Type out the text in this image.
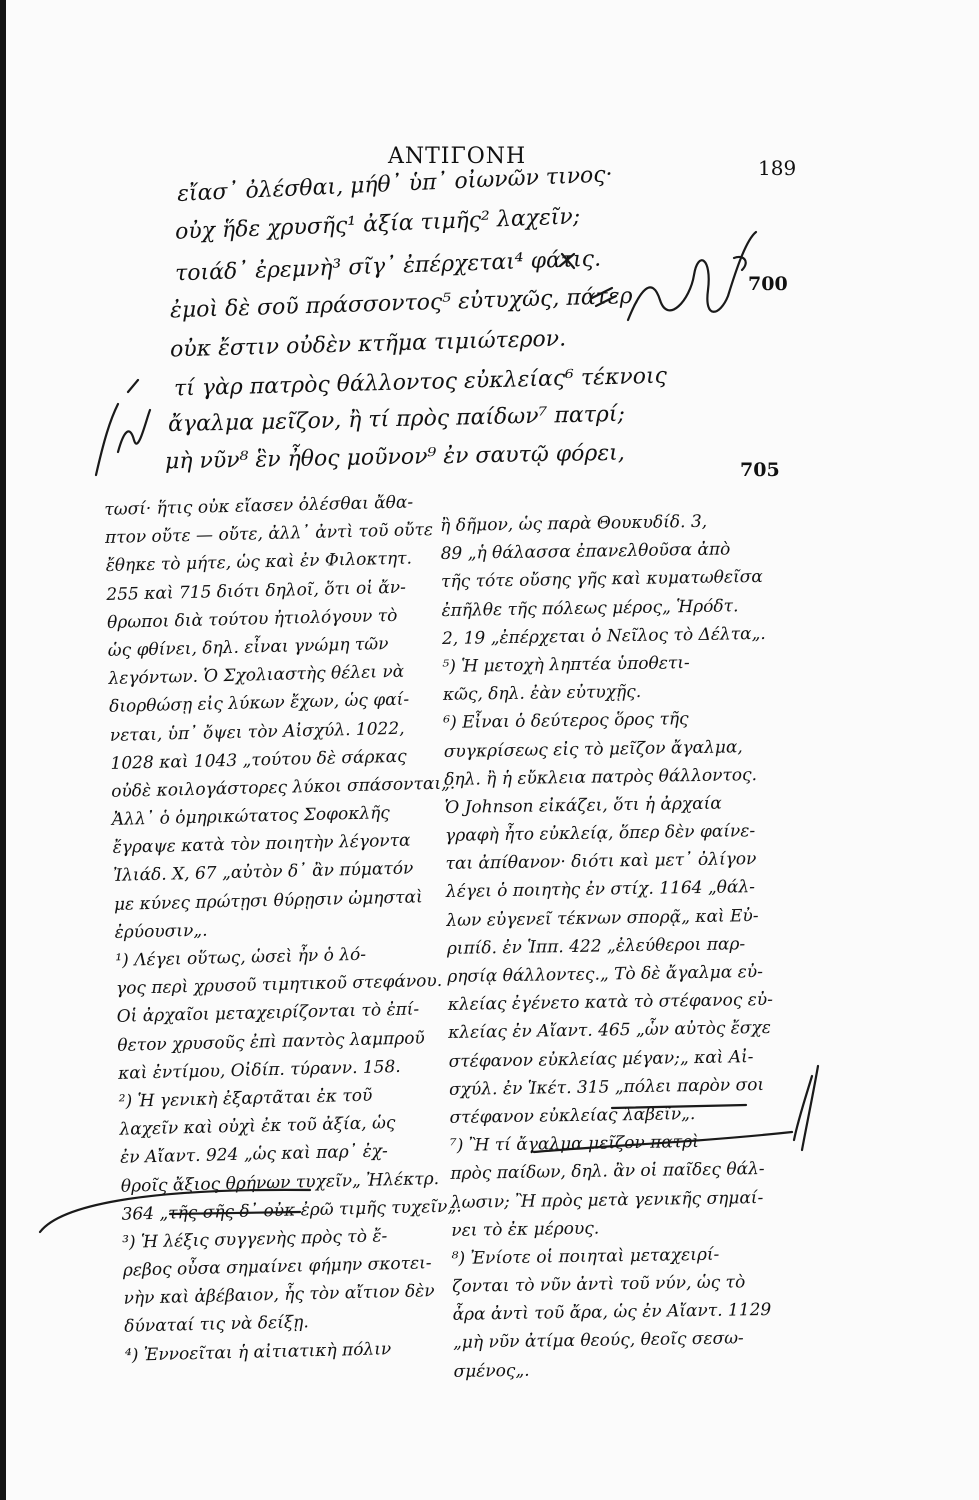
ΑΝΤΙΓΟΝΗ	189
εἴασ᾽ ὀλέσθαι, μήθ᾽ ὑπ᾽ οἰωνῶν τινος·
οὐχ ἥδε χρυσῆς¹ ἀξία τιμῆς² λαχεῖν;
τοιάδ᾽ ἐρεμνὴ³ σῖγ᾽ ἐπέρχεται⁴ φάτις.
ἐμοὶ δὲ σοῦ πράσσοντος⁵ εὐτυχῶς, πάτερ,	700
οὐκ ἔστιν οὐδὲν κτῆμα τιμιώτερον.
τί γὰρ πατρὸς θάλλοντος εὐκλείας⁶ τέκνοις
ἄγαλμα μεῖζον, ἢ τί πρὸς παίδων⁷ πατρί;
μὴ νῦν⁸ ἓν ἦθος μοῦνον⁹ ἐν σαυτῷ φόρει,	705
τωσί· ἥτις οὐκ εἴασεν ὀλέσθαι ἄθα-
πτον οὔτε — οὔτε, ἀλλ᾽ ἀντὶ τοῦ οὔτε
ἔθηκε τὸ μήτε, ὡς καὶ ἐν Φιλοκτητ.
255 καὶ 715 διότι δηλοῖ, ὅτι οἱ ἄν-
θρωποι διὰ τούτου ἠτιολόγουν τὸ
ὡς φθίνει, δηλ. εἶναι γνώμη τῶν
λεγόντων. Ὁ Σχολιαστὴς θέλει νὰ
διορθώσῃ εἰς λύκων ἔχων, ὡς φαί-
νεται, ὑπ᾽ ὄψει τὸν Αἰσχύλ. 1022,
1028 καὶ 1043 „τούτου δὲ σάρκας
οὐδὲ κοιλογάστορες λύκοι σπάσονται„.
Ἀλλ᾽ ὁ ὁμηρικώτατος Σοφοκλῆς
ἔγραψε κατὰ τὸν ποιητὴν λέγοντα
Ἰλιάδ. Χ, 67 „αὐτὸν δ᾽ ἂν πύματόν
με κύνες πρώτῃσι θύρῃσιν ὠμησταὶ
ἐρύουσιν„.
¹) Λέγει οὕτως, ὡσεὶ ἦν ὁ λό-
γος περὶ χρυσοῦ τιμητικοῦ στεφάνου.
Οἱ ἀρχαῖοι μεταχειρίζονται τὸ ἐπί-
θετον χρυσοῦς ἐπὶ παντὸς λαμπροῦ
καὶ ἐντίμου, Οἰδίπ. τύρανν. 158.
²) Ἡ γενικὴ ἐξαρτᾶται ἐκ τοῦ
λαχεῖν καὶ οὐχὶ ἐκ τοῦ ἀξία, ὡς
ἐν Αἴαντ. 924 „ὡς καὶ παρ᾽ ἐχ-
θροῖς ἄξιος θρήνων τυχεῖν„ Ἠλέκτρ.
364 „τῆς σῆς δ᾽ οὐκ ἐρῶ τιμῆς τυχεῖν„.
³) Ἡ λέξις συγγενὴς πρὸς τὸ ἔ-
ρεβος οὖσα σημαίνει φήμην σκοτει-
νὴν καὶ ἀβέβαιον, ἧς τὸν αἴτιον δὲν
δύναταί τις νὰ δείξῃ.
⁴) Ἐννοεῖται ἡ αἰτιατικὴ πόλιν
ἢ δῆμον, ὡς παρὰ Θουκυδίδ. 3,
89 „ἡ θάλασσα ἐπανελθοῦσα ἀπὸ
τῆς τότε οὔσης γῆς καὶ κυματωθεῖσα
ἐπῆλθε τῆς πόλεως μέρος„ Ἡρόδτ.
2, 19 „ἐπέρχεται ὁ Νεῖλος τὸ Δέλτα„.
⁵) Ἡ μετοχὴ ληπτέα ὑποθετι-
κῶς, δηλ. ἐὰν εὐτυχῇς.
⁶) Εἶναι ὁ δεύτερος ὅρος τῆς
συγκρίσεως εἰς τὸ μεῖζον ἄγαλμα,
δηλ. ἢ ἡ εὔκλεια πατρὸς θάλλοντος.
Ὁ Johnson εἰκάζει, ὅτι ἡ ἀρχαία
γραφὴ ἦτο εὐκλείᾳ, ὅπερ δὲν φαίνε-
ται ἀπίθανον· διότι καὶ μετ᾽ ὀλίγον
λέγει ὁ ποιητὴς ἐν στίχ. 1164 „θάλ-
λων εὐγενεῖ τέκνων σπορᾷ„ καὶ Εὐ-
ριπίδ. ἐν Ἱππ. 422 „ἐλεύθεροι παρ-
ρησίᾳ θάλλοντες.„ Τὸ δὲ ἄγαλμα εὐ-
κλείας ἐγένετο κατὰ τὸ στέφανος εὐ-
κλείας ἐν Αἴαντ. 465 „ὧν αὐτὸς ἔσχε
στέφανον εὐκλείας μέγαν;„ καὶ Αἰ-
σχύλ. ἐν Ἱκέτ. 315 „πόλει παρὸν σοι
στέφανον εὐκλείας λαβεῖν„.
⁷) Ἢ τί ἄγαλμα μεῖζον πατρὶ
πρὸς παίδων, δηλ. ἂν οἱ παῖδες θάλ-
λωσιν; Ἢ πρὸς μετὰ γενικῆς σημαί-
νει τὸ ἐκ μέρους.
⁸) Ἐνίοτε οἱ ποιηταὶ μεταχειρί-
ζονται τὸ νῦν ἀντὶ τοῦ νύν, ὡς τὸ
ἆρα ἀντὶ τοῦ ἄρα, ὡς ἐν Αἴαντ. 1129
„μὴ νῦν ἀτίμα θεούς, θεοῖς σεσω-
σμένος„.
